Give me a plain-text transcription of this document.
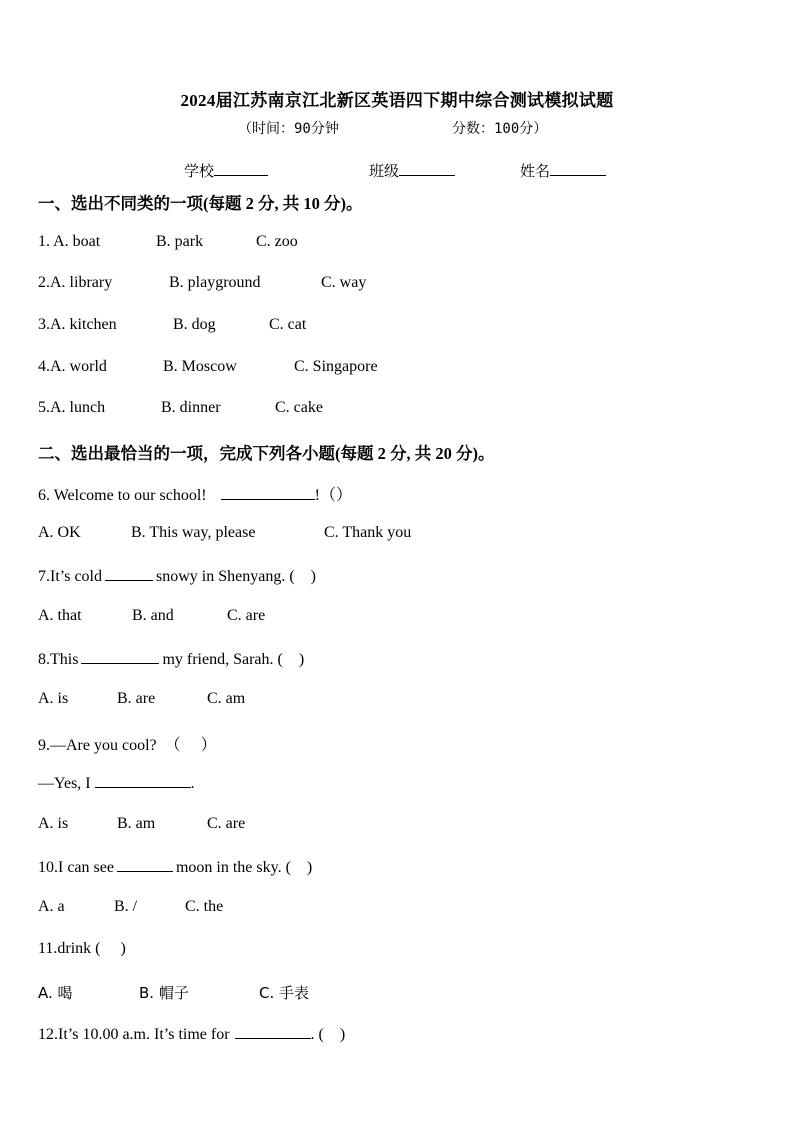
2024届江苏南京江北新区英语四下期中综合测试模拟试题
（时间：90分钟	分数：100分）
学校	班级	姓名
一、选出不同类的一项(每题 2 分, 共 10 分)。
1. A. boat	B. park	C. zoo
2.A. library	B. playground	C. way
3.A. kitchen	B. dog	C. cat
4.A. world	B. Moscow	C. Singapore
5.A. lunch	B. dinner	C. cake
二、选出最恰当的一项，完成下列各小题(每题 2 分, 共 20 分)。
6. Welcome to our school!	!（）
A. OK	B. This way, please	C. Thank you
7.It’s cold	snowy in Shenyang. (    )
A. that	B. and	C. are
8.This	my friend, Sarah. (    )
A. is	B. are	C. am
9.—Are you cool?  （     ）
—Yes, I	.
A. is	B. am	C. are
10.I can see	moon in the sky. (    )
A. a	B. /	C. the
11.drink (     )
A. 喝	B. 帽子	C. 手表
12.It’s 10.00 a.m. It’s time for	. (    )
